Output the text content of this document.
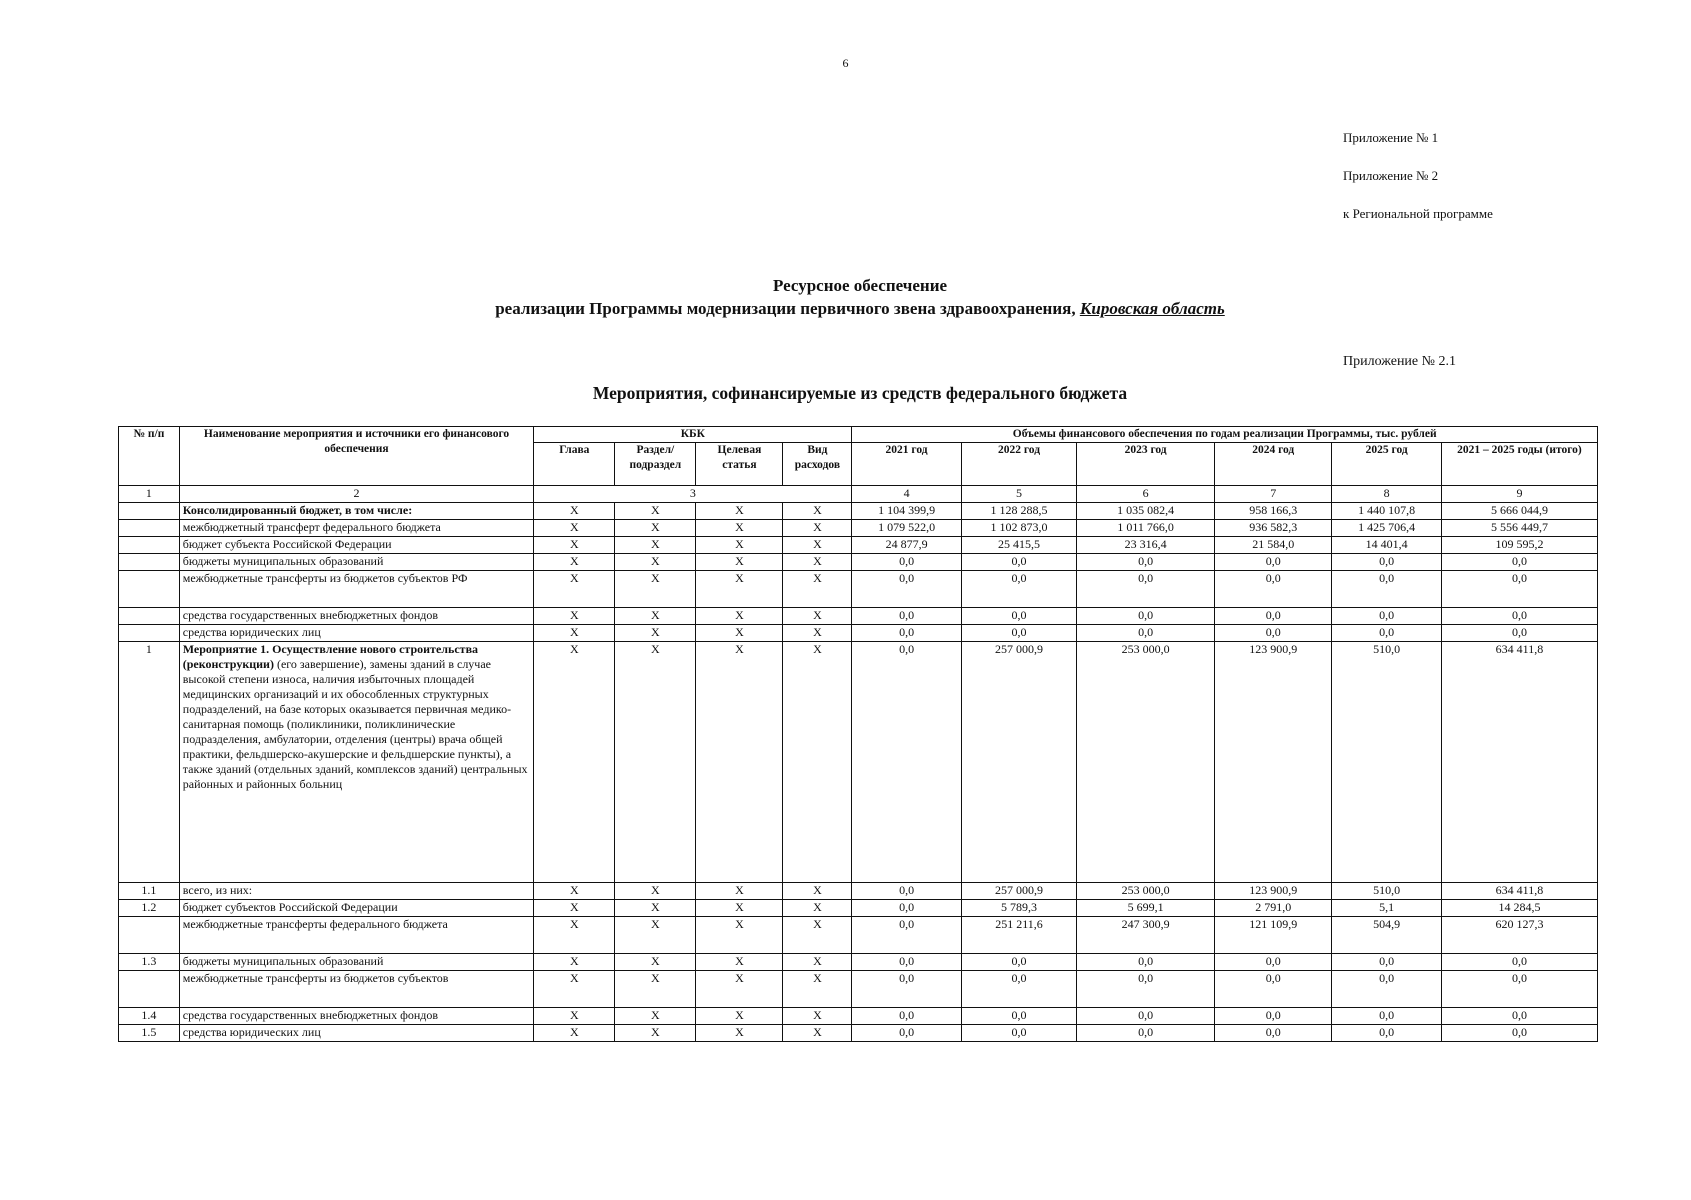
6
Приложение № 1
Приложение № 2
к Региональной программе
Ресурсное обеспечение
реализации Программы модернизации первичного звена здравоохранения, Кировская область
Приложение № 2.1
Мероприятия, софинансируемые из средств федерального бюджета
№ п/п	Наименование мероприятия и источники его финансового обеспечения	КБК				Объемы финансового обеспечения по годам реализации Программы, тыс. рублей					
		Глава	Раздел/ подраздел	Целевая статья	Вид расходов	2021 год	2022 год	2023 год	2024 год	2025 год	2021 – 2025 годы (итого)
1	2	3				4	5	6	7	8	9
	Консолидированный бюджет, в том числе:	X	X	X	X	1 104 399,9	1 128 288,5	1 035 082,4	958 166,3	1 440 107,8	5 666 044,9
	межбюджетный трансферт федерального бюджета	X	X	X	X	1 079 522,0	1 102 873,0	1 011 766,0	936 582,3	1 425 706,4	5 556 449,7
	бюджет субъекта Российской Федерации	X	X	X	X	24 877,9	25 415,5	23 316,4	21 584,0	14 401,4	109 595,2
	бюджеты муниципальных образований	X	X	X	X	0,0	0,0	0,0	0,0	0,0	0,0
	межбюджетные трансферты из бюджетов субъектов РФ	X	X	X	X	0,0	0,0	0,0	0,0	0,0	0,0
	средства государственных внебюджетных фондов	X	X	X	X	0,0	0,0	0,0	0,0	0,0	0,0
	средства юридических лиц	X	X	X	X	0,0	0,0	0,0	0,0	0,0	0,0
1	Мероприятие 1. Осуществление нового строительства (реконструкции) (его завершение), замены зданий в случае высокой степени износа, наличия избыточных площадей медицинских организаций и их обособленных структурных подразделений, на базе которых оказывается первичная медико-санитарная помощь (поликлиники, поликлинические подразделения, амбулатории, отделения (центры) врача общей практики, фельдшерско-акушерские и фельдшерские пункты), а также зданий (отдельных зданий, комплексов зданий) центральных районных и районных больниц	X	X	X	X	0,0	257 000,9	253 000,0	123 900,9	510,0	634 411,8
1.1	всего, из них:	X	X	X	X	0,0	257 000,9	253 000,0	123 900,9	510,0	634 411,8
1.2	бюджет субъектов Российской Федерации	X	X	X	X	0,0	5 789,3	5 699,1	2 791,0	5,1	14 284,5
	межбюджетные трансферты федерального бюджета	X	X	X	X	0,0	251 211,6	247 300,9	121 109,9	504,9	620 127,3
1.3	бюджеты муниципальных образований	X	X	X	X	0,0	0,0	0,0	0,0	0,0	0,0
	межбюджетные трансферты из бюджетов субъектов	X	X	X	X	0,0	0,0	0,0	0,0	0,0	0,0
1.4	средства государственных внебюджетных фондов	X	X	X	X	0,0	0,0	0,0	0,0	0,0	0,0
1.5	средства юридических лиц	X	X	X	X	0,0	0,0	0,0	0,0	0,0	0,0
